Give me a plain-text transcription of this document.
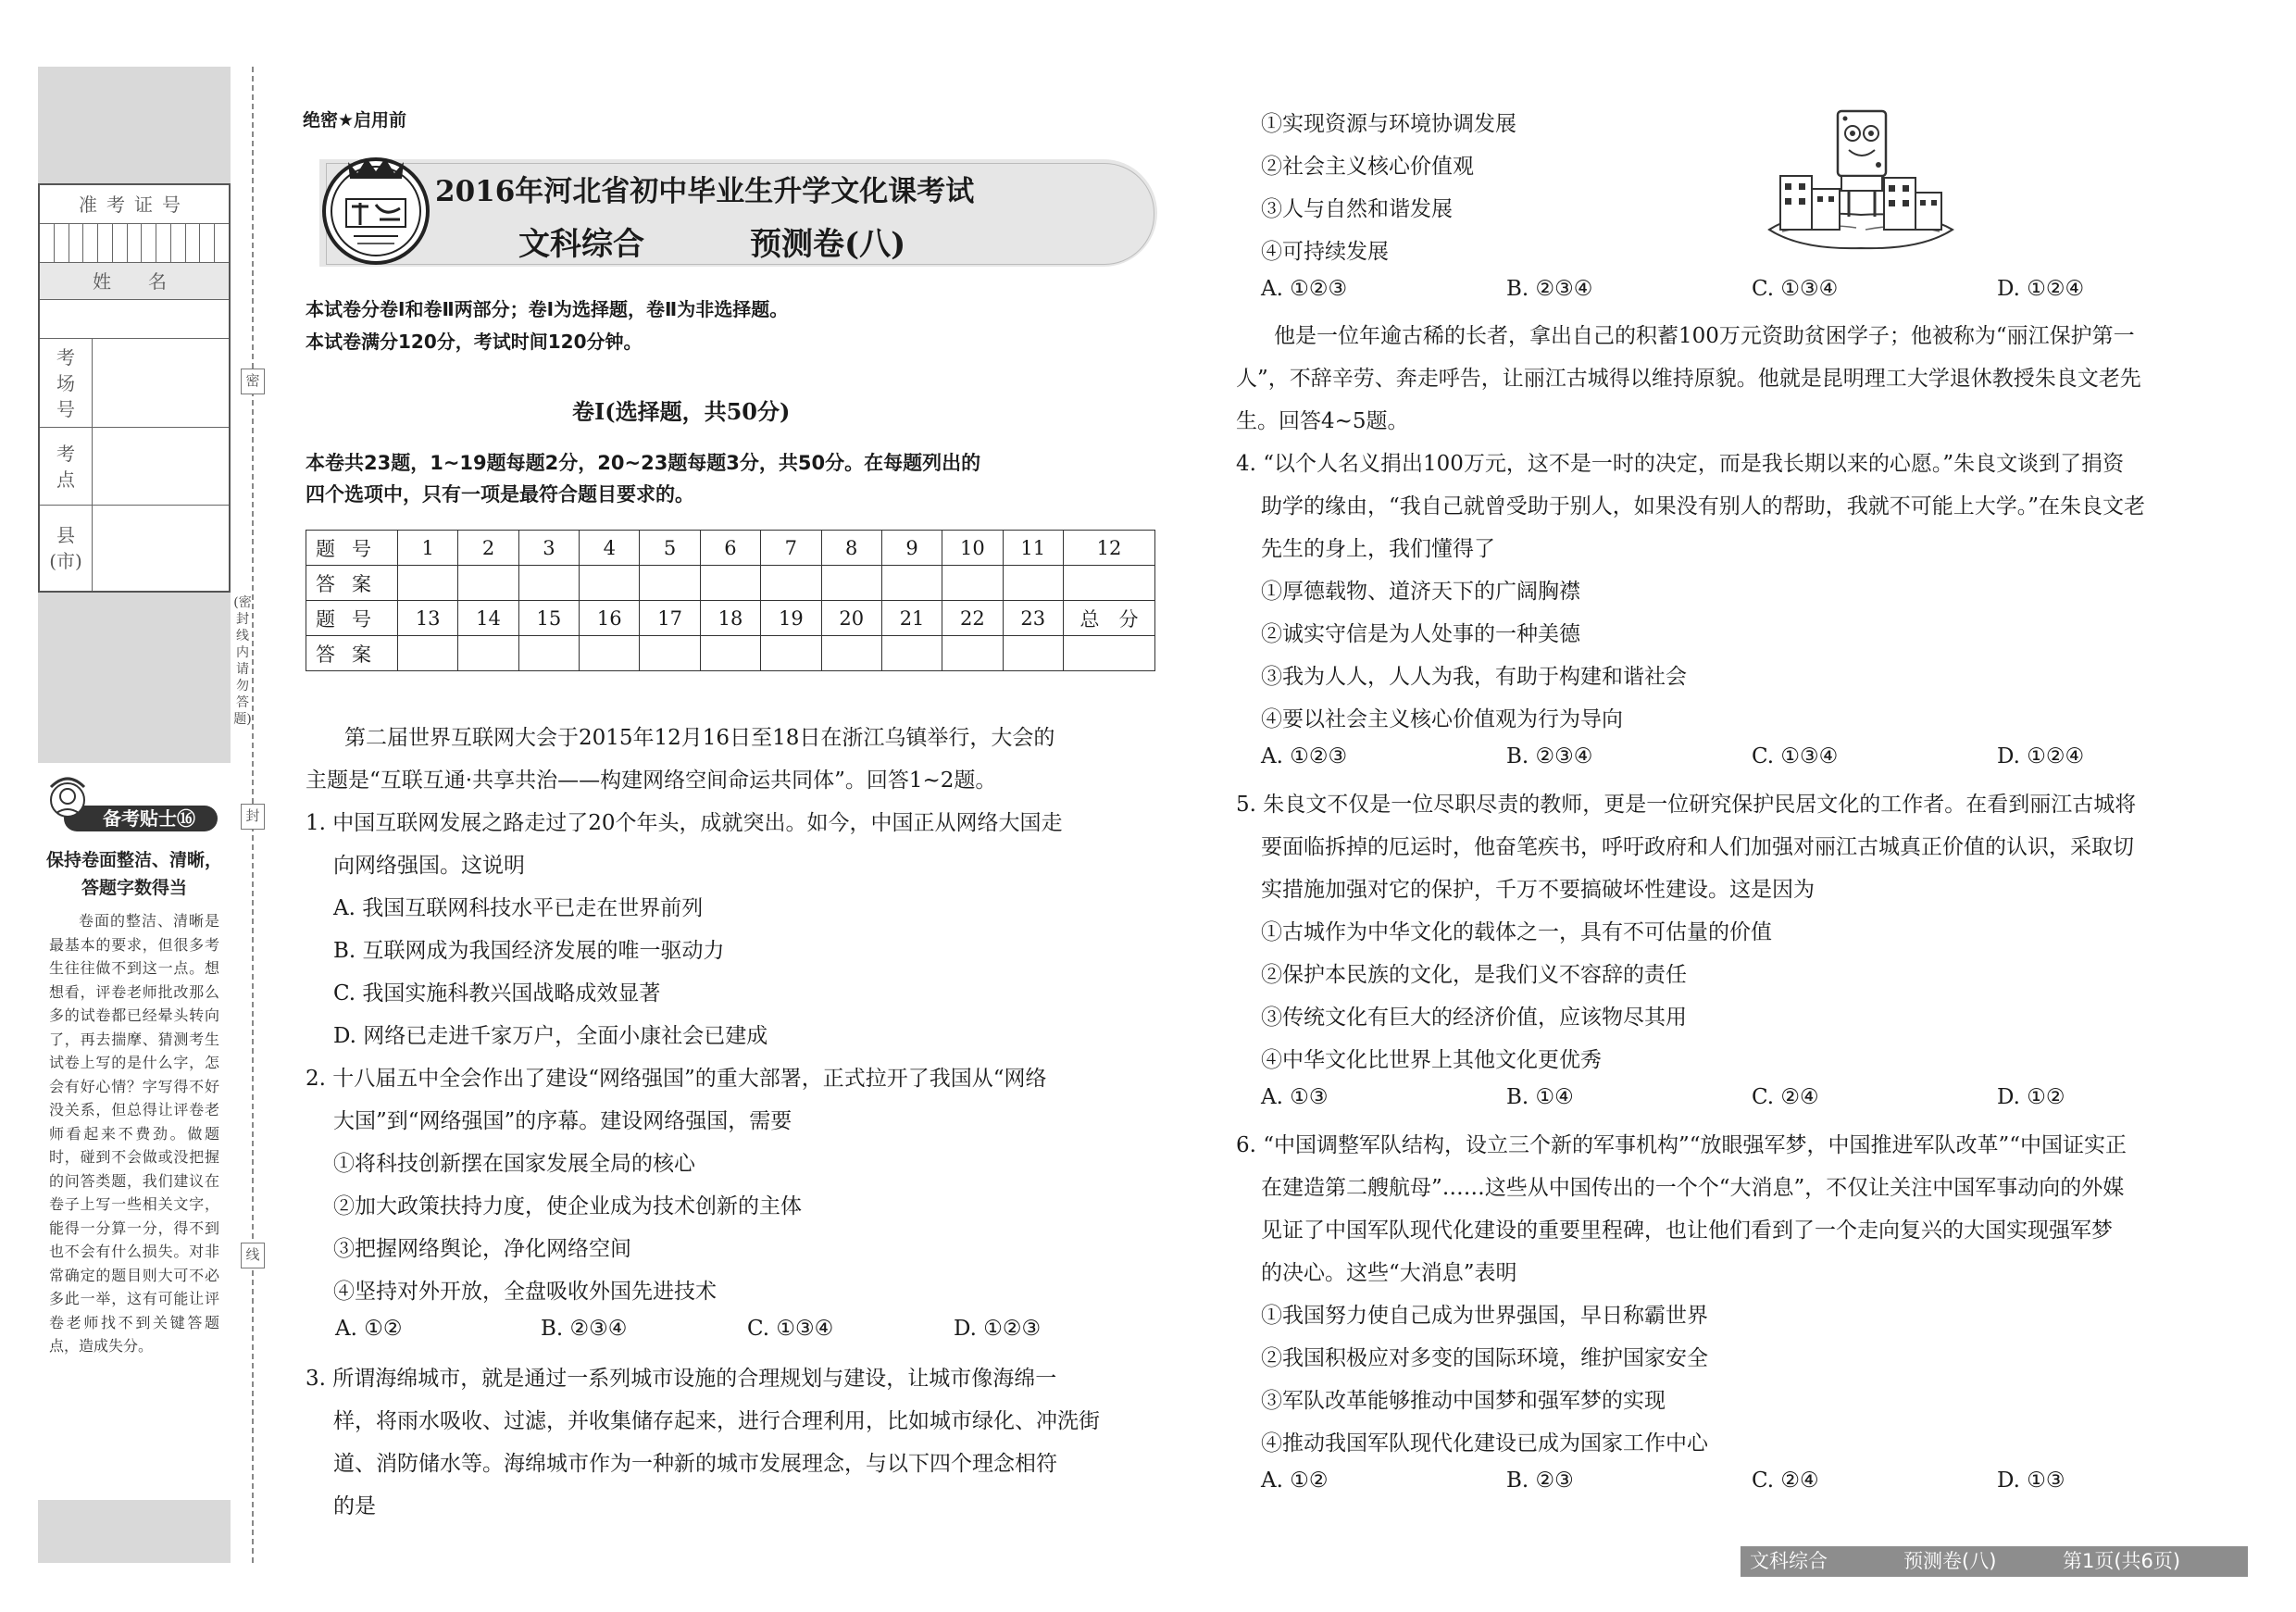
准考证号
姓　名
考场号
考点
县(市)
备考贴士⑯
保持卷面整洁、清晰，答题字数得当
卷面的整洁、清晰是最基本的要求，但很多考生往往做不到这一点。想想看，评卷老师批改那么多的试卷都已经晕头转向了，再去揣摩、猜测考生试卷上写的是什么字，怎会有好心情？字写得不好没关系，但总得让评卷老师看起来不费劲。做题时，碰到不会做或没把握的问答类题，我们建议在卷子上写一些相关文字，能得一分算一分，得不到也不会有什么损失。对非常确定的题目则大可不必多此一举，这有可能让评卷老师找不到关键答题点，造成失分。
密
(密封线内请勿答题)
封
线
绝密★启用前
2016年河北省初中毕业生升学文化课考试
文科综合	预测卷(八)
本试卷分卷Ⅰ和卷Ⅱ两部分；卷Ⅰ为选择题，卷Ⅱ为非选择题。
本试卷满分120分，考试时间120分钟。
卷Ⅰ(选择题，共50分)
本卷共23题，1~19题每题2分，20~23题每题3分，共50分。在每题列出的
四个选项中，只有一项是最符合题目要求的。
题号	1	2	3	4	5	6	7	8	9	10	11	12
答案												
题号	13	14	15	16	17	18	19	20	21	22	23	总　分
答案												
第二届世界互联网大会于2015年12月16日至18日在浙江乌镇举行，大会的
主题是“互联互通·共享共治——构建网络空间命运共同体”。回答1~2题。
1. 中国互联网发展之路走过了20个年头，成就突出。如今，中国正从网络大国走
向网络强国。这说明
A. 我国互联网科技水平已走在世界前列
B. 互联网成为我国经济发展的唯一驱动力
C. 我国实施科教兴国战略成效显著
D. 网络已走进千家万户，全面小康社会已建成
2. 十八届五中全会作出了建设“网络强国”的重大部署，正式拉开了我国从“网络
大国”到“网络强国”的序幕。建设网络强国，需要
①将科技创新摆在国家发展全局的核心
②加大政策扶持力度，使企业成为技术创新的主体
③把握网络舆论，净化网络空间
④坚持对外开放，全盘吸收外国先进技术
A. ①②	B. ②③④	C. ①③④	D. ①②③
3. 所谓海绵城市，就是通过一系列城市设施的合理规划与建设，让城市像海绵一
样，将雨水吸收、过滤，并收集储存起来，进行合理利用，比如城市绿化、冲洗街
道、消防储水等。海绵城市作为一种新的城市发展理念，与以下四个理念相符
的是
①实现资源与环境协调发展
②社会主义核心价值观
③人与自然和谐发展
④可持续发展
A. ①②③	B. ②③④	C. ①③④	D. ①②④
他是一位年逾古稀的长者，拿出自己的积蓄100万元资助贫困学子；他被称为“丽江保护第一
人”，不辞辛劳、奔走呼告，让丽江古城得以维持原貌。他就是昆明理工大学退休教授朱良文老先
生。回答4~5题。
4. “以个人名义捐出100万元，这不是一时的决定，而是我长期以来的心愿。”朱良文谈到了捐资
助学的缘由，“我自己就曾受助于别人，如果没有别人的帮助，我就不可能上大学。”在朱良文老
先生的身上，我们懂得了
①厚德载物、道济天下的广阔胸襟
②诚实守信是为人处事的一种美德
③我为人人，人人为我，有助于构建和谐社会
④要以社会主义核心价值观为行为导向
A. ①②③	B. ②③④	C. ①③④	D. ①②④
5. 朱良文不仅是一位尽职尽责的教师，更是一位研究保护民居文化的工作者。在看到丽江古城将
要面临拆掉的厄运时，他奋笔疾书，呼吁政府和人们加强对丽江古城真正价值的认识，采取切
实措施加强对它的保护，千万不要搞破坏性建设。这是因为
①古城作为中华文化的载体之一，具有不可估量的价值
②保护本民族的文化，是我们义不容辞的责任
③传统文化有巨大的经济价值，应该物尽其用
④中华文化比世界上其他文化更优秀
A. ①③	B. ①④	C. ②④	D. ①②
6. “中国调整军队结构，设立三个新的军事机构”“放眼强军梦，中国推进军队改革”“中国证实正
在建造第二艘航母”……这些从中国传出的一个个“大消息”，不仅让关注中国军事动向的外媒
见证了中国军队现代化建设的重要里程碑，也让他们看到了一个走向复兴的大国实现强军梦
的决心。这些“大消息”表明
①我国努力使自己成为世界强国，早日称霸世界
②我国积极应对多变的国际环境，维护国家安全
③军队改革能够推动中国梦和强军梦的实现
④推动我国军队现代化建设已成为国家工作中心
A. ①②	B. ②③	C. ②④	D. ①③
文科综合	预测卷(八)	第1页(共6页)
